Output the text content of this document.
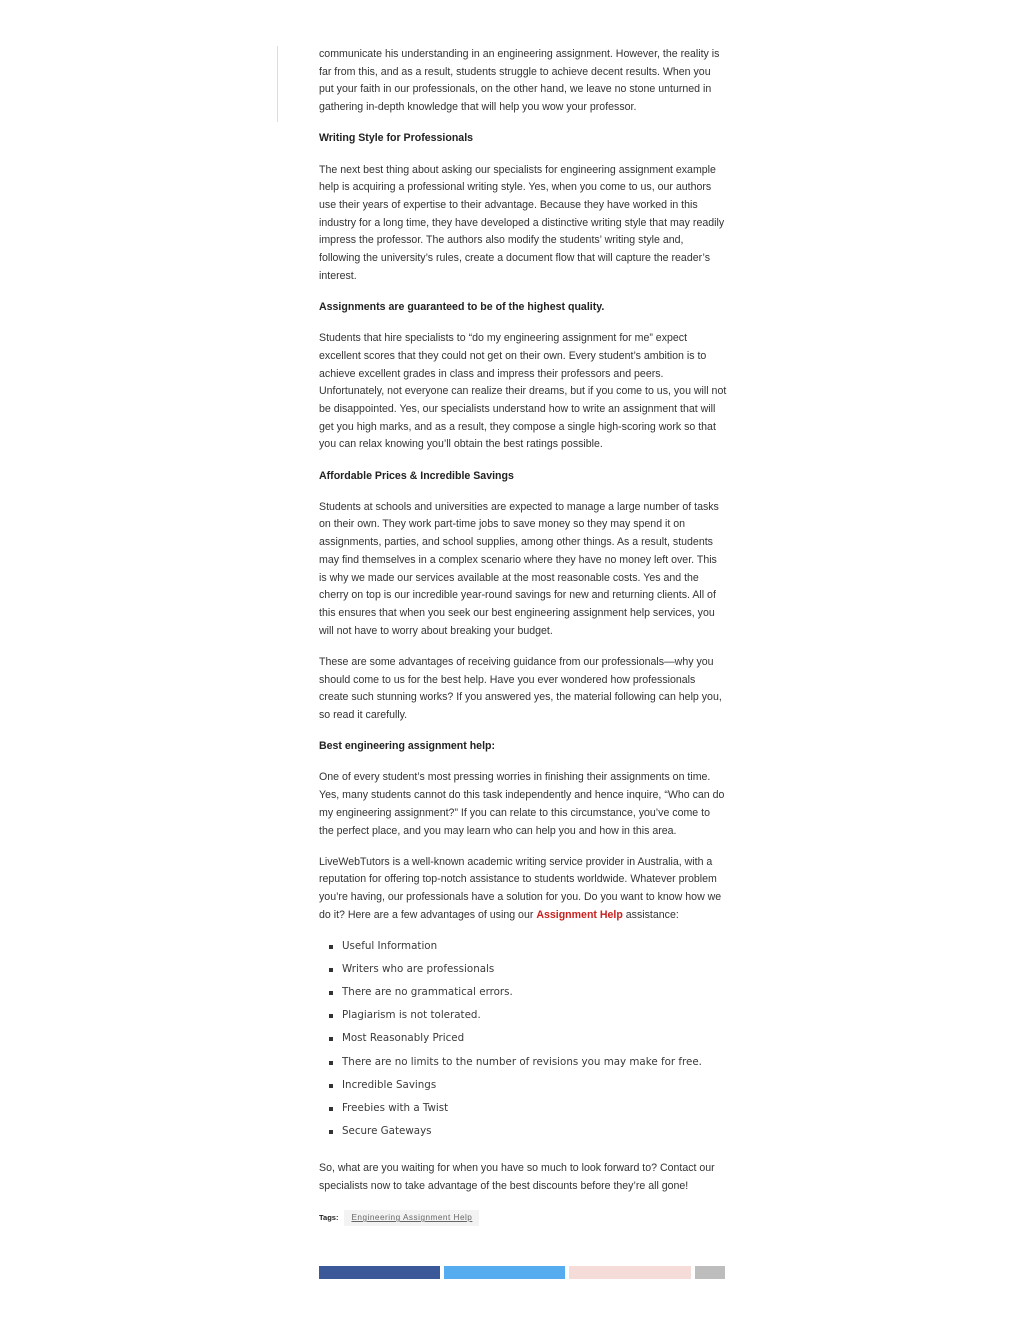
communicate his understanding in an engineering assignment. However, the reality is far from this, and as a result, students struggle to achieve decent results. When you put your faith in our professionals, on the other hand, we leave no stone unturned in gathering in-depth knowledge that will help you wow your professor.

Writing Style for Professionals

The next best thing about asking our specialists for engineering assignment example help is acquiring a professional writing style. Yes, when you come to us, our authors use their years of expertise to their advantage. Because they have worked in this industry for a long time, they have developed a distinctive writing style that may readily impress the professor. The authors also modify the students’ writing style and, following the university’s rules, create a document flow that will capture the reader’s interest.

Assignments are guaranteed to be of the highest quality.

Students that hire specialists to “do my engineering assignment for me” expect excellent scores that they could not get on their own. Every student’s ambition is to achieve excellent grades in class and impress their professors and peers. Unfortunately, not everyone can realize their dreams, but if you come to us, you will not be disappointed. Yes, our specialists understand how to write an assignment that will get you high marks, and as a result, they compose a single high-scoring work so that you can relax knowing you’ll obtain the best ratings possible.

Affordable Prices & Incredible Savings

Students at schools and universities are expected to manage a large number of tasks on their own. They work part-time jobs to save money so they may spend it on assignments, parties, and school supplies, among other things. As a result, students may find themselves in a complex scenario where they have no money left over. This is why we made our services available at the most reasonable costs. Yes and the cherry on top is our incredible year-round savings for new and returning clients. All of this ensures that when you seek our best engineering assignment help services, you will not have to worry about breaking your budget.

These are some advantages of receiving guidance from our professionals—why you should come to us for the best help. Have you ever wondered how professionals create such stunning works? If you answered yes, the material following can help you, so read it carefully.

Best engineering assignment help:

One of every student’s most pressing worries in finishing their assignments on time. Yes, many students cannot do this task independently and hence inquire, “Who can do my engineering assignment?” If you can relate to this circumstance, you’ve come to the perfect place, and you may learn who can help you and how in this area.

LiveWebTutors is a well-known academic writing service provider in Australia, with a reputation for offering top-notch assistance to students worldwide. Whatever problem you’re having, our professionals have a solution for you. Do you want to know how we do it? Here are a few advantages of using our Assignment Help assistance:

Useful Information
Writers who are professionals
There are no grammatical errors.
Plagiarism is not tolerated.
Most Reasonably Priced
There are no limits to the number of revisions you may make for free.
Incredible Savings
Freebies with a Twist
Secure Gateways

So, what are you waiting for when you have so much to look forward to? Contact our specialists now to take advantage of the best discounts before they’re all gone!

Tags:	Engineering Assignment Help
